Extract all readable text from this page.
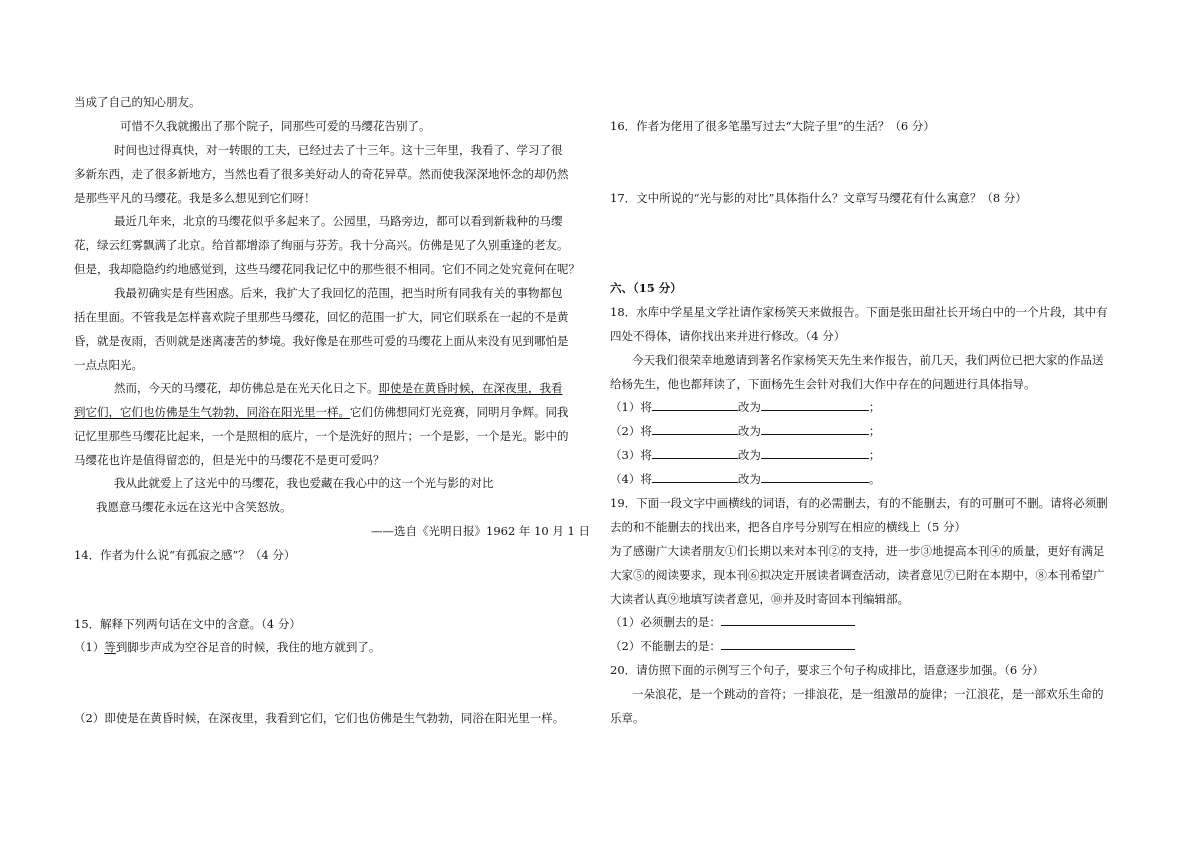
当成了自己的知心朋友。
可惜不久我就搬出了那个院子，同那些可爱的马缨花告别了。
时间也过得真快，对一转眼的工夫，已经过去了十三年。这十三年里，我看了、学习了很
多新东西，走了很多新地方，当然也看了很多美好动人的奇花异草。然而使我深深地怀念的却仍然
是那些平凡的马缨花。我是多么想见到它们呀！
最近几年来，北京的马缨花似乎多起来了。公园里，马路旁边，都可以看到新栽种的马缨
花，绿云红雾飘满了北京。给首都增添了绚丽与芬芳。我十分高兴。仿佛是见了久别重逢的老友。
但是，我却隐隐约约地感觉到，这些马缨花同我记忆中的那些很不相同。它们不同之处究竟何在呢？
我最初确实是有些困惑。后来，我扩大了我回忆的范围，把当时所有同我有关的事物都包
括在里面。不管我是怎样喜欢院子里那些马缨花，回忆的范围一扩大，同它们联系在一起的不是黄
昏，就是夜雨，否则就是迷离凄苦的梦境。我好像是在那些可爱的马缨花上面从来没有见到哪怕是
一点点阳光。
然而，今天的马缨花，却仿佛总是在光天化日之下。即使是在黄昏时候，在深夜里，我看
到它们，它们也仿佛是生气勃勃，同浴在阳光里一样。它们仿佛想同灯光竞赛，同明月争辉。同我
记忆里那些马缨花比起来，一个是照相的底片，一个是洗好的照片；一个是影，一个是光。影中的
马缨花也许是值得留恋的，但是光中的马缨花不是更可爱吗？
我从此就爱上了这光中的马缨花，我也爱藏在我心中的这一个光与影的对比
我愿意马缨花永远在这光中含笑怒放。
——选自《光明日报》1962 年 10 月 1 日
14．作者为什么说“有孤寂之感”？（4 分）
15．解释下列两句话在文中的含意。（4 分）
（1）等到脚步声成为空谷足音的时候，我住的地方就到了。
（2）即使是在黄昏时候，在深夜里，我看到它们，它们也仿佛是生气勃勃，同浴在阳光里一样。
16．作者为佬用了很多笔墨写过去“大院子里”的生活？（6 分）
17．文中所说的“光与影的对比”具体指什么？文章写马缨花有什么寓意？（8 分）
六、（15 分）
18．水库中学星星文学社请作家杨笑天来做报告。下面是张田甜社长开场白中的一个片段，其中有
四处不得体，请你找出来并进行修改。（4 分）
今天我们很荣幸地邀请到著名作家杨笑天先生来作报告，前几天，我们两位已把大家的作品送
给杨先生，他也都拜读了，下面杨先生会针对我们大作中存在的问题进行具体指导。
（1）将	改为	；
（2）将	改为	；
（3）将	改为	；
（4）将	改为	。
19．下面一段文字中画横线的词语，有的必需删去，有的不能删去，有的可删可不删。请将必须删
去的和不能删去的找出来，把各自序号分别写在相应的横线上（5 分）
为了感谢广大读者朋友①们长期以来对本刊②的支持，进一步③地提高本刊④的质量，更好有满足
大家⑤的阅读要求，现本刊⑥拟决定开展读者调查活动，读者意见⑦已附在本期中，⑧本刊希望广
大读者认真⑨地填写读者意见，⑩并及时寄回本刊编辑部。
（1）必须删去的是：
（2）不能删去的是：
20．请仿照下面的示例写三个句子，要求三个句子构成排比，语意逐步加强。（6 分）
一朵浪花，是一个跳动的音符；一排浪花，是一组激昂的旋律；一江浪花，是一部欢乐生命的
乐章。
